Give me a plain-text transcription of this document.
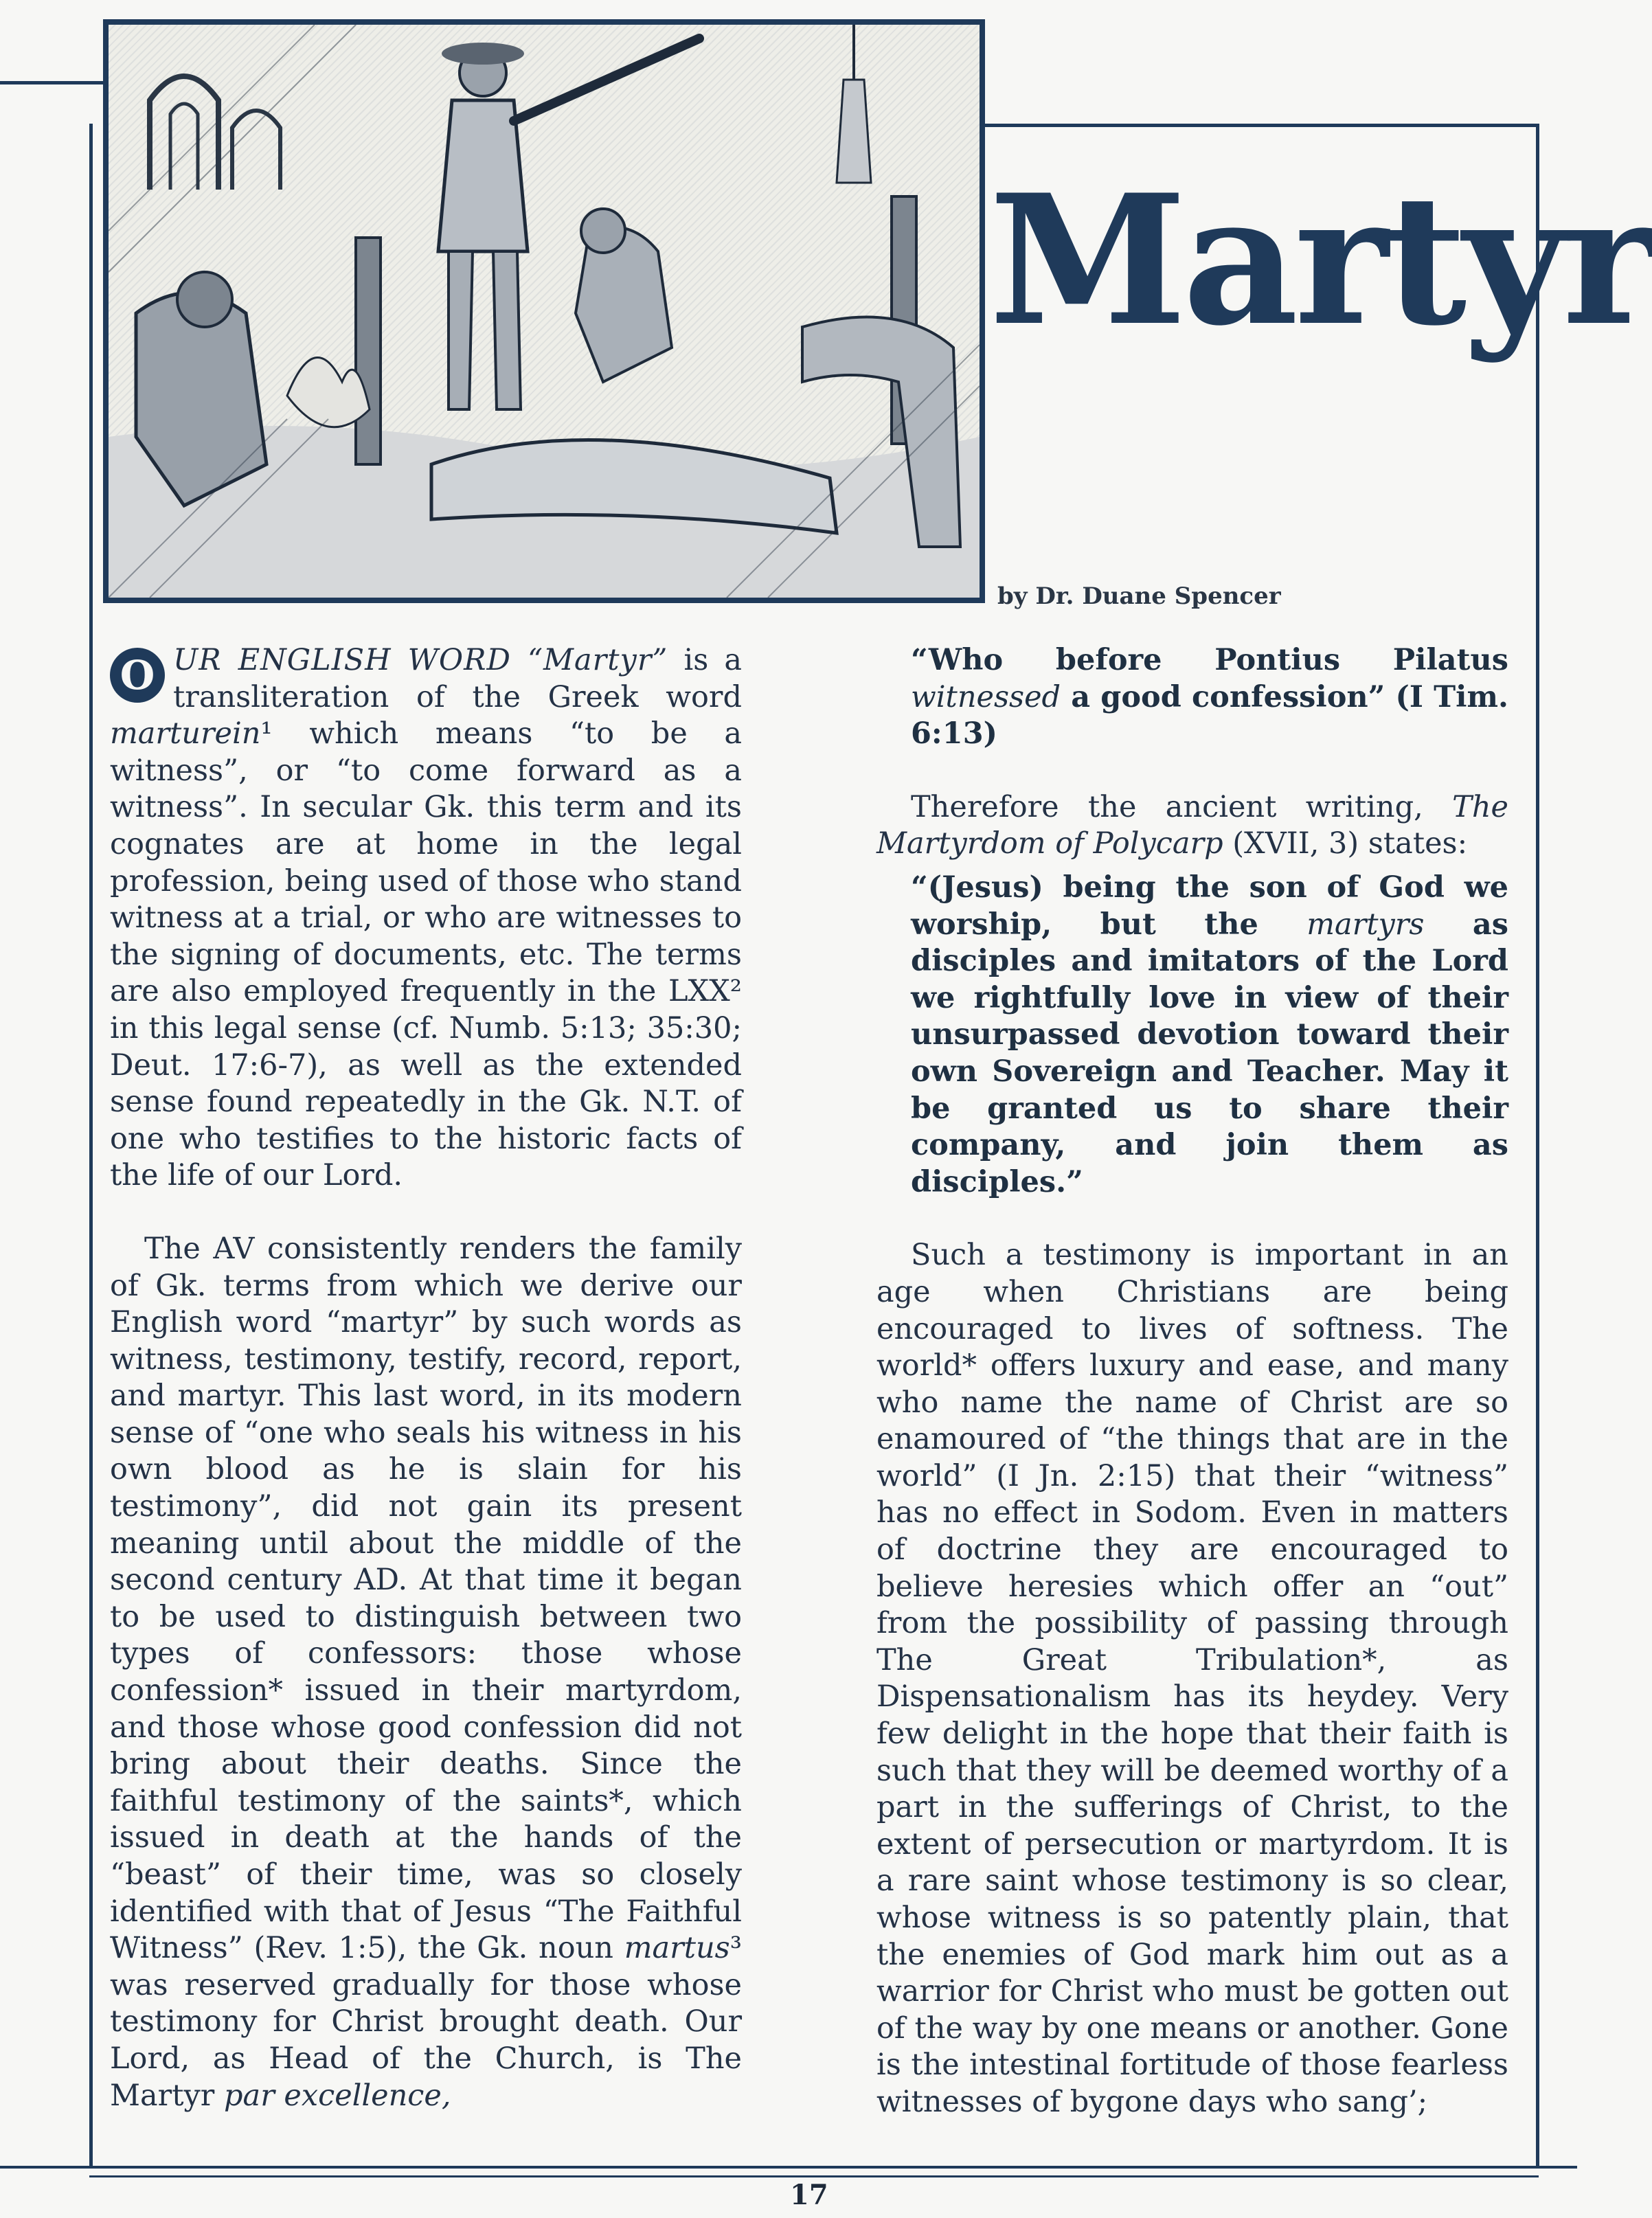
Martyr
by Dr. Duane Spencer

O UR ENGLISH WORD “Martyr” is a transliteration of the Greek word marturein¹ which means “to be a witness”, or “to come forward as a witness”. In secular Gk. this term and its cognates are at home in the legal profession, being used of those who stand witness at a trial, or who are witnesses to the signing of documents, etc. The terms are also employed frequently in the LXX² in this legal sense (cf. Numb. 5:13; 35:30; Deut. 17:6-7), as well as the extended sense found repeatedly in the Gk. N.T. of one who testifies to the historic facts of the life of our Lord.

The AV consistently renders the family of Gk. terms from which we derive our English word “martyr” by such words as witness, testimony, testify, record, report, and martyr. This last word, in its modern sense of “one who seals his witness in his own blood as he is slain for his testimony”, did not gain its present meaning until about the middle of the second century AD. At that time it began to be used to distinguish between two types of confessors: those whose confession* issued in their martyrdom, and those whose good confession did not bring about their deaths. Since the faithful testimony of the saints*, which issued in death at the hands of the “beast” of their time, was so closely identified with that of Jesus “The Faithful Witness” (Rev. 1:5), the Gk. noun martus³ was reserved gradually for those whose testimony for Christ brought death. Our Lord, as Head of the Church, is The Martyr par excellence,

“Who before Pontius Pilatus witnessed a good confession” (I Tim. 6:13)

Therefore the ancient writing, The Martyrdom of Polycarp (XVII, 3) states:

“(Jesus) being the son of God we worship, but the martyrs as disciples and imitators of the Lord we rightfully love in view of their unsurpassed devotion toward their own Sovereign and Teacher. May it be granted us to share their company, and join them as disciples.”

Such a testimony is important in an age when Christians are being encouraged to lives of softness. The world* offers luxury and ease, and many who name the name of Christ are so enamoured of “the things that are in the world” (I Jn. 2:15) that their “witness” has no effect in Sodom. Even in matters of doctrine they are encouraged to believe heresies which offer an “out” from the possibility of passing through The Great Tribulation*, as Dispensationalism has its heydey. Very few delight in the hope that their faith is such that they will be deemed worthy of a part in the sufferings of Christ, to the extent of persecution or martyrdom. It is a rare saint whose testimony is so clear, whose witness is so patently plain, that the enemies of God mark him out as a warrior for Christ who must be gotten out of the way by one means or another. Gone is the intestinal fortitude of those fearless witnesses of bygone days who sang’;

17
